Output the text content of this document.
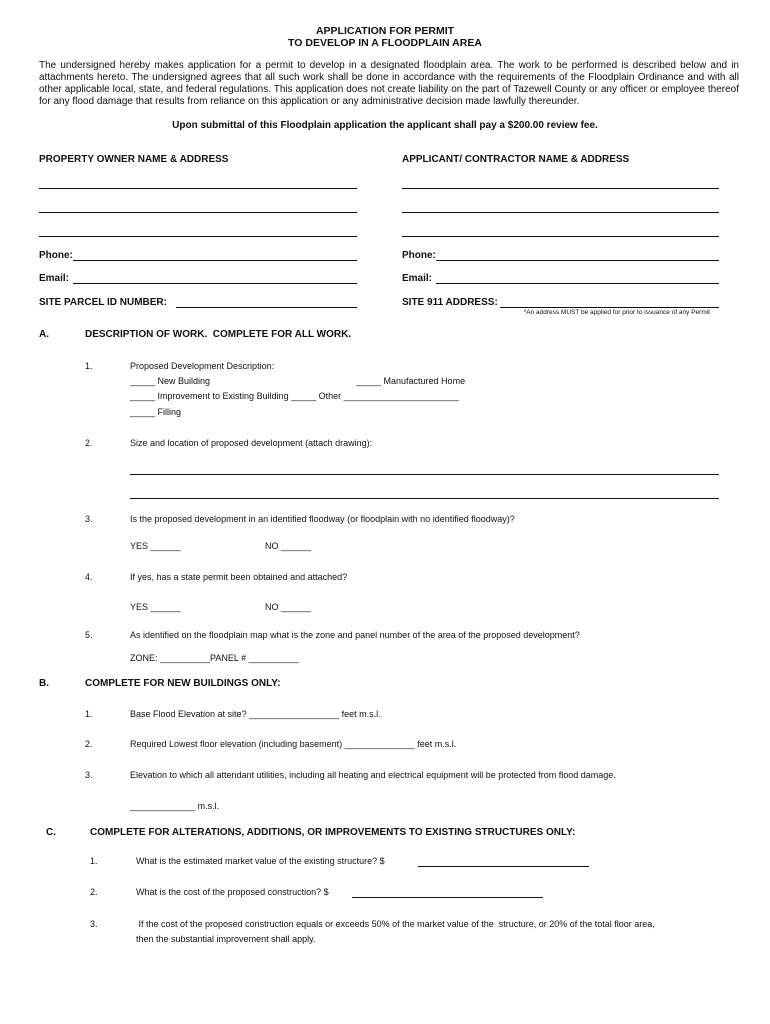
APPLICATION FOR PERMIT
TO DEVELOP IN A FLOODPLAIN AREA
The undersigned hereby makes application for a permit to develop in a designated floodplain area. The work to be performed is described below and in attachments hereto. The undersigned agrees that all such work shall be done in accordance with the requirements of the Floodplain Ordinance and with all other applicable local, state, and federal regulations. This application does not create liability on the part of Tazewell County or any officer or employee thereof for any flood damage that results from reliance on this application or any administrative decision made lawfully thereunder.
Upon submittal of this Floodplain application the applicant shall pay a $200.00 review fee.
PROPERTY OWNER NAME & ADDRESS	APPLICANT/ CONTRACTOR NAME & ADDRESS
Phone:	Phone:
Email:	Email:
SITE PARCEL ID NUMBER:	SITE 911 ADDRESS:
*An address MUST be applied for prior to issuance of any Permit
A.	DESCRIPTION OF WORK.  COMPLETE FOR ALL WORK.
1.	Proposed Development Description:
_____ New Building	_____ Manufactured Home
_____ Improvement to Existing Building _____ Other _______________________
_____ Filling
2.	Size and location of proposed development (attach drawing):
3.	Is the proposed development in an identified floodway (or floodplain with no identified floodway)?
YES ______	NO ______
4.	If yes, has a state permit been obtained and attached?
YES ______	NO ______
5.	As identified on the floodplain map what is the zone and panel number of the area of the proposed development?
ZONE: __________PANEL # __________
B.	COMPLETE FOR NEW BUILDINGS ONLY:
1.	Base Flood Elevation at site? __________________ feet m.s.l.
2.	Required Lowest floor elevation (including basement) ______________ feet m.s.l.
3.	Elevation to which all attendant utilities, including all heating and electrical equipment will be protected from flood damage.
_____________ m.s.l.
C.	COMPLETE FOR ALTERATIONS, ADDITIONS, OR IMPROVEMENTS TO EXISTING STRUCTURES ONLY:
1.	What is the estimated market value of the existing structure? $
2.	What is the cost of the proposed construction? $
3.	If the cost of the proposed construction equals or exceeds 50% of the market value of the  structure, or 20% of the total floor area,
then the substantial improvement shall apply.
